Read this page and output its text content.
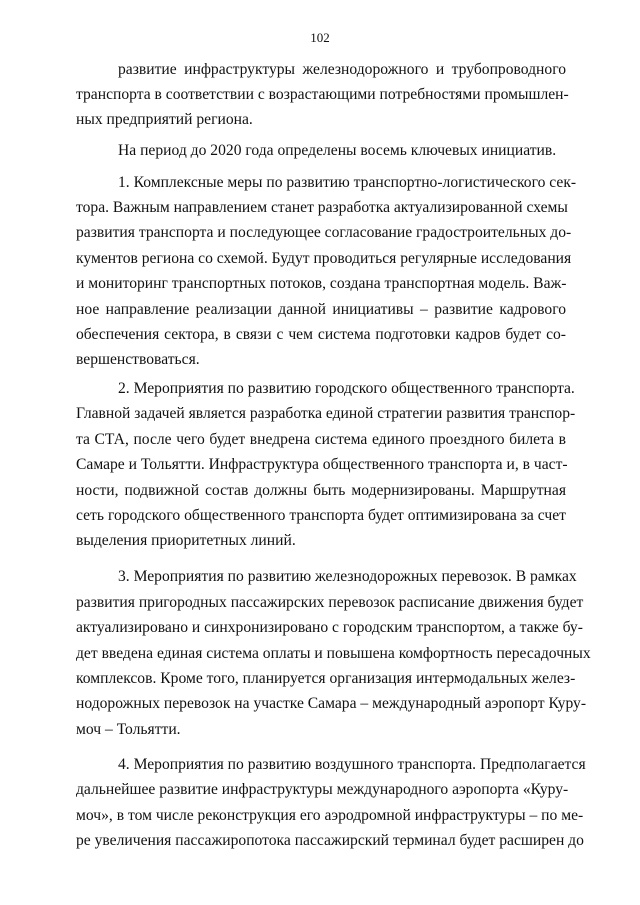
102
развитие инфраструктуры железнодорожного и трубопроводного
транспорта в соответствии с возрастающими потребностями промышлен-
ных предприятий региона.
На период до 2020 года определены восемь ключевых инициатив.
1. Комплексные меры по развитию транспортно-логистического сек-
тора. Важным направлением станет разработка актуализированной схемы
развития транспорта и последующее согласование градостроительных до-
кументов региона со схемой. Будут проводиться регулярные исследования
и мониторинг транспортных потоков, создана транспортная модель. Важ-
ное направление реализации данной инициативы – развитие кадрового
обеспечения сектора, в связи с чем система подготовки кадров будет со-
вершенствоваться.
2. Мероприятия по развитию городского общественного транспорта.
Главной задачей является разработка единой стратегии развития транспор-
та СТА, после чего будет внедрена система единого проездного билета в
Самаре и Тольятти. Инфраструктура общественного транспорта и, в част-
ности, подвижной состав должны быть модернизированы. Маршрутная
сеть городского общественного транспорта будет оптимизирована за счет
выделения приоритетных линий.
3. Мероприятия по развитию железнодорожных перевозок. В рамках
развития пригородных пассажирских перевозок расписание движения будет
актуализировано и синхронизировано с городским транспортом, а также бу-
дет введена единая система оплаты и повышена комфортность пересадочных
комплексов. Кроме того, планируется организация интермодальных желез-
нодорожных перевозок на участке Самара – международный аэропорт Куру-
моч – Тольятти.
4. Мероприятия по развитию воздушного транспорта. Предполагается
дальнейшее развитие инфраструктуры международного аэропорта «Куру-
моч», в том числе реконструкция его аэродромной инфраструктуры – по ме-
ре увеличения пассажиропотока пассажирский терминал будет расширен до
